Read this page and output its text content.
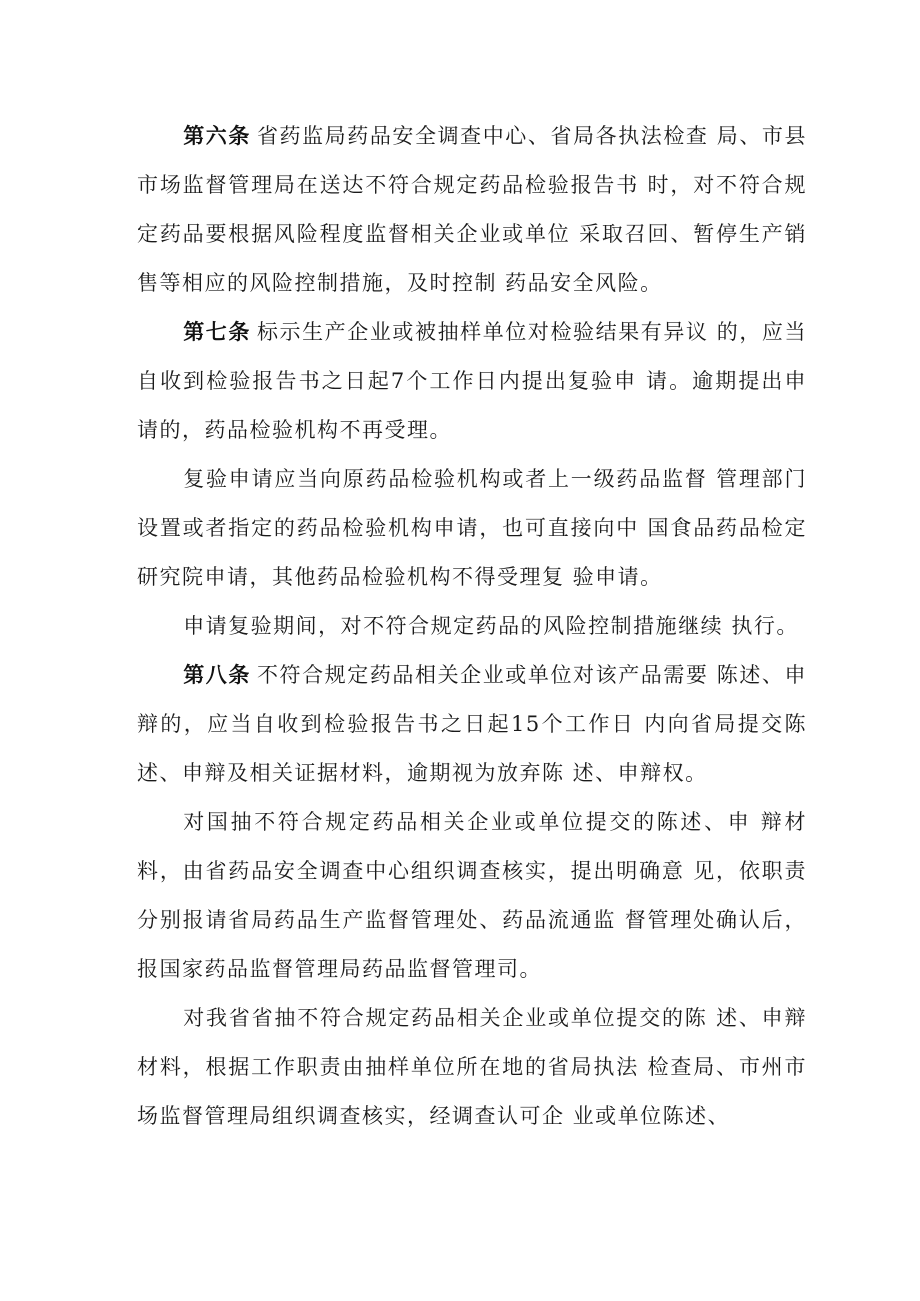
第六条 省药监局药品安全调查中心、省局各执法检查 局、市县市场监督管理局在送达不符合规定药品检验报告书 时，对不符合规定药品要根据风险程度监督相关企业或单位 采取召回、暂停生产销售等相应的风险控制措施，及时控制 药品安全风险。

第七条 标示生产企业或被抽样单位对检验结果有异议 的，应当自收到检验报告书之日起7个工作日内提出复验申 请。逾期提出申请的，药品检验机构不再受理。

复验申请应当向原药品检验机构或者上一级药品监督 管理部门设置或者指定的药品检验机构申请，也可直接向中 国食品药品检定研究院申请，其他药品检验机构不得受理复 验申请。

申请复验期间，对不符合规定药品的风险控制措施继续 执行。

第八条 不符合规定药品相关企业或单位对该产品需要 陈述、申辩的，应当自收到检验报告书之日起15个工作日 内向省局提交陈述、申辩及相关证据材料，逾期视为放弃陈 述、申辩权。

对国抽不符合规定药品相关企业或单位提交的陈述、申 辩材料，由省药品安全调查中心组织调查核实，提出明确意 见，依职责分别报请省局药品生产监督管理处、药品流通监 督管理处确认后，报国家药品监督管理局药品监督管理司。

对我省省抽不符合规定药品相关企业或单位提交的陈 述、申辩材料，根据工作职责由抽样单位所在地的省局执法 检查局、市州市场监督管理局组织调查核实，经调查认可企 业或单位陈述、
